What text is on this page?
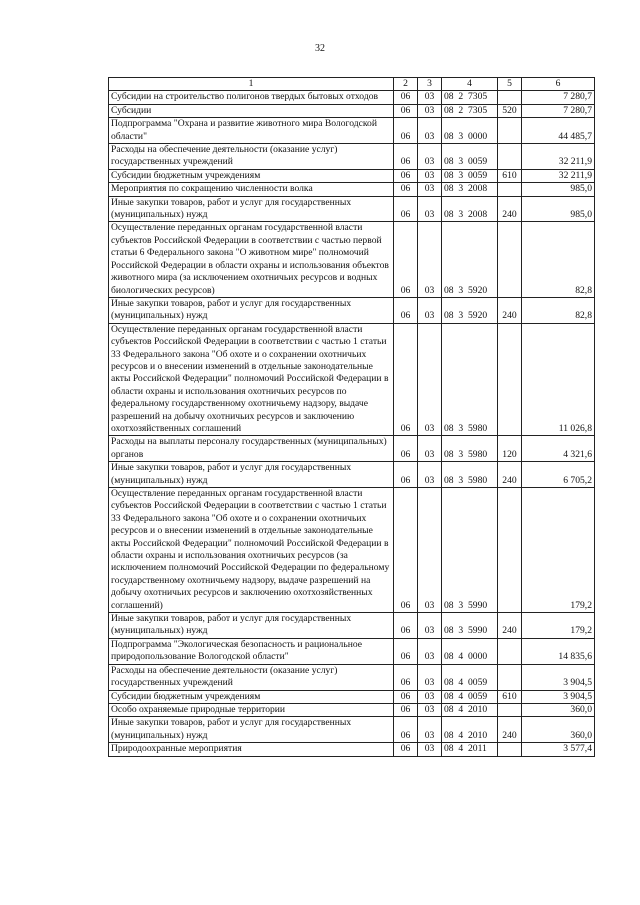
32
1	2	3	4	5	6
Субсидии на строительство полигонов твердых бытовых отходов	06	03	08  2  7305		7 280,7
Субсидии	06	03	08  2  7305	520	7 280,7
Подпрограмма "Охрана и развитие животного мира Вологодской области"	06	03	08  3  0000		44 485,7
Расходы на обеспечение деятельности (оказание услуг) государственных учреждений	06	03	08  3  0059		32 211,9
Субсидии бюджетным учреждениям	06	03	08  3  0059	610	32 211,9
Мероприятия по сокращению численности волка	06	03	08  3  2008		985,0
Иные закупки товаров, работ и услуг для государственных (муниципальных) нужд	06	03	08  3  2008	240	985,0
Осуществление переданных органам государственной власти субъектов Российской Федерации в соответствии с частью первой статьи 6 Федерального закона "О животном мире" полномочий Российской Федерации в области охраны и использования объектов животного мира (за исключением охотничьих ресурсов и водных биологических ресурсов)	06	03	08  3  5920		82,8
Иные закупки товаров, работ и услуг для государственных (муниципальных) нужд	06	03	08  3  5920	240	82,8
Осуществление переданных органам государственной власти субъектов Российской Федерации в соответствии с частью 1 статьи 33 Федерального закона "Об охоте и о сохранении охотничьих ресурсов и о внесении изменений в отдельные законодательные акты Российской Федерации" полномочий Российской Федерации в области охраны и использования охотничьих ресурсов по федеральному государственному охотничьему надзору, выдаче разрешений на добычу охотничьих ресурсов и заключению охотхозяйственных соглашений	06	03	08  3  5980		11 026,8
Расходы на выплаты персоналу государственных (муниципальных) органов	06	03	08  3  5980	120	4 321,6
Иные закупки товаров, работ и услуг для государственных (муниципальных) нужд	06	03	08  3  5980	240	6 705,2
Осуществление переданных органам государственной власти субъектов Российской Федерации в соответствии с частью 1 статьи 33 Федерального закона "Об охоте и о сохранении охотничьих ресурсов и о внесении изменений в отдельные законодательные акты Российской Федерации" полномочий Российской Федерации в области охраны и использования охотничьих ресурсов (за исключением полномочий Российской Федерации по федеральному государственному охотничьему надзору, выдаче разрешений на добычу охотничьих ресурсов и заключению охотхозяйственных соглашений)	06	03	08  3  5990		179,2
Иные закупки товаров, работ и услуг для государственных (муниципальных) нужд	06	03	08  3  5990	240	179,2
Подпрограмма "Экологическая безопасность и рациональное природопользование Вологодской области"	06	03	08  4  0000		14 835,6
Расходы на обеспечение деятельности (оказание услуг) государственных учреждений	06	03	08  4  0059		3 904,5
Субсидии бюджетным учреждениям	06	03	08  4  0059	610	3 904,5
Особо охраняемые природные территории	06	03	08  4  2010		360,0
Иные закупки товаров, работ и услуг для государственных (муниципальных) нужд	06	03	08  4  2010	240	360,0
Природоохранные мероприятия	06	03	08  4  2011		3 577,4
